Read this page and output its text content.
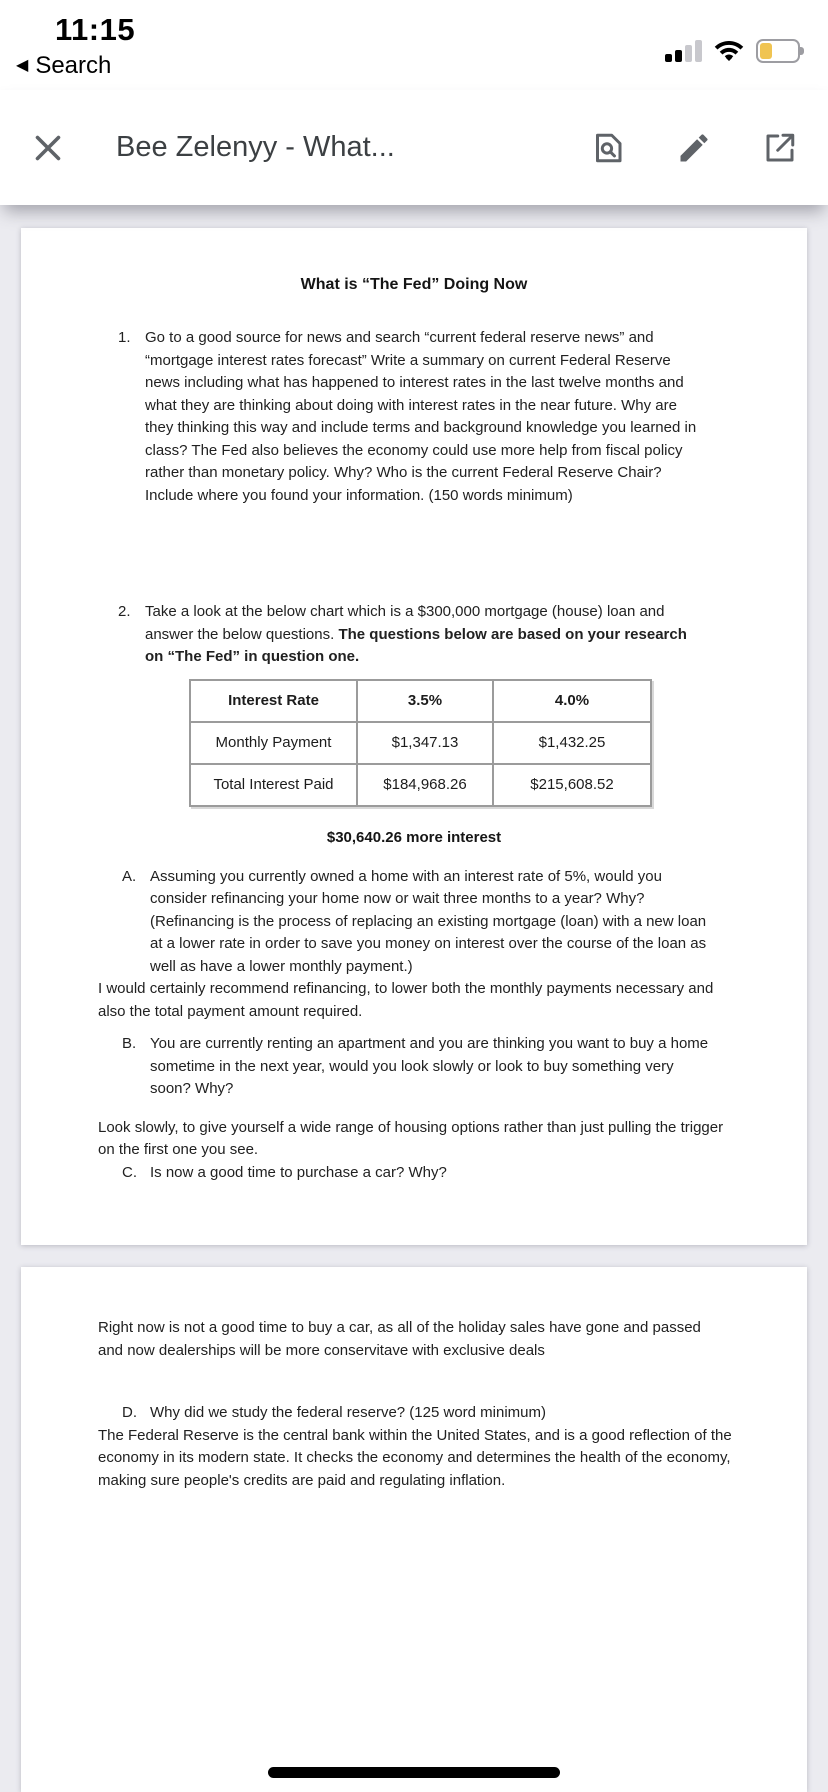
11:15
◀ Search
Bee Zelenyy - What...
What is “The Fed” Doing Now
1. Go to a good source for news and search “current federal reserve news” and “mortgage interest rates forecast” Write a summary on current Federal Reserve news including what has happened to interest rates in the last twelve months and what they are thinking about doing with interest rates in the near future. Why are they thinking this way and include terms and background knowledge you learned in class? The Fed also believes the economy could use more help from fiscal policy rather than monetary policy. Why? Who is the current Federal Reserve Chair? Include where you found your information. (150 words minimum)
2. Take a look at the below chart which is a $300,000 mortgage (house) loan and answer the below questions. The questions below are based on your research on “The Fed” in question one.
Interest Rate	3.5%	4.0%
Monthly Payment	$1,347.13	$1,432.25
Total Interest Paid	$184,968.26	$215,608.52
$30,640.26 more interest
A. Assuming you currently owned a home with an interest rate of 5%, would you consider refinancing your home now or wait three months to a year? Why? (Refinancing is the process of replacing an existing mortgage (loan) with a new loan at a lower rate in order to save you money on interest over the course of the loan as well as have a lower monthly payment.)
I would certainly recommend refinancing, to lower both the monthly payments necessary and also the total payment amount required.
B. You are currently renting an apartment and you are thinking you want to buy a home sometime in the next year, would you look slowly or look to buy something very soon? Why?
Look slowly, to give yourself a wide range of housing options rather than just pulling the trigger on the first one you see.
C. Is now a good time to purchase a car? Why?
Right now is not a good time to buy a car, as all of the holiday sales have gone and passed and now dealerships will be more conservitave with exclusive deals
D. Why did we study the federal reserve? (125 word minimum)
The Federal Reserve is the central bank within the United States, and is a good reflection of the economy in its modern state. It checks the economy and determines the health of the economy, making sure people's credits are paid and regulating inflation.
